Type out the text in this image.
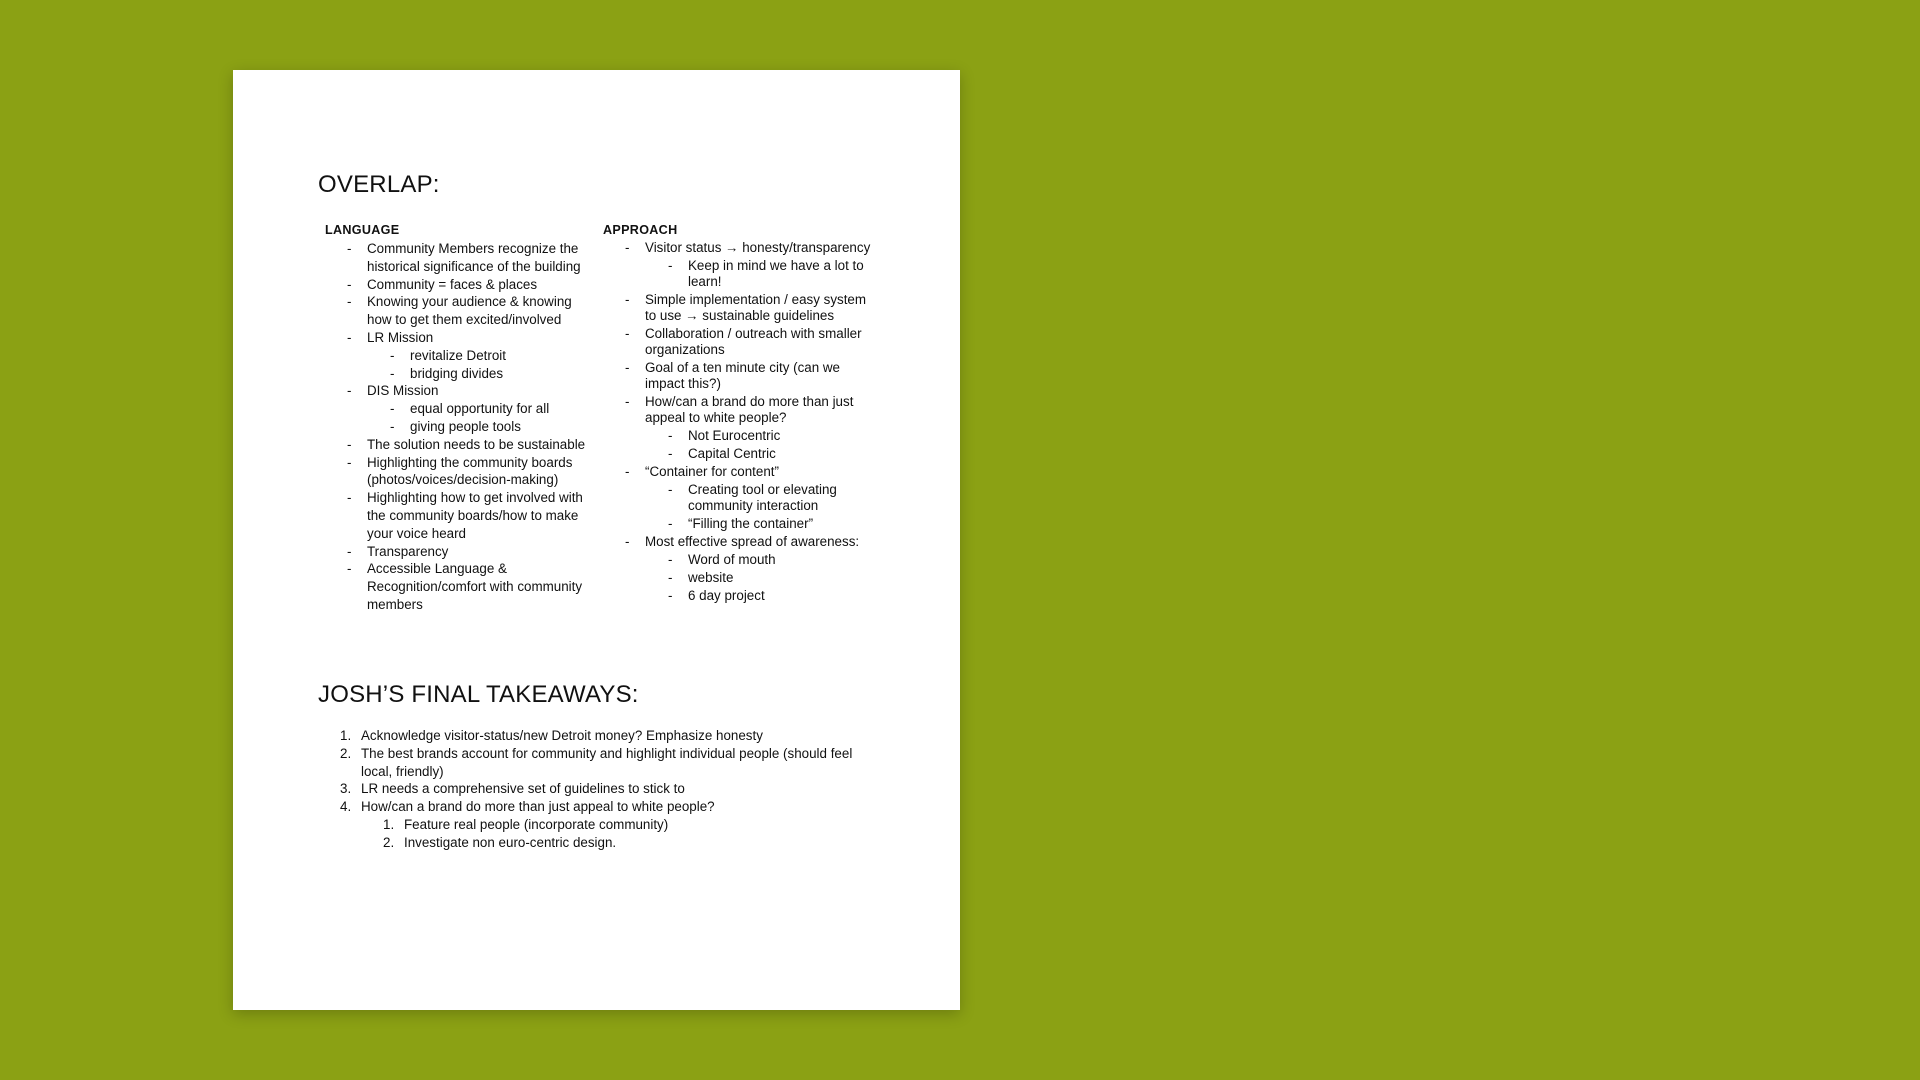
OVERLAP:
LANGUAGE
- Community Members recognize the historical significance of the building
- Community = faces & places
- Knowing your audience & knowing how to get them excited/involved
- LR Mission
- revitalize Detroit
- bridging divides
- DIS Mission
- equal opportunity for all
- giving people tools
- The solution needs to be sustainable
- Highlighting the community boards (photos/voices/decision-making)
- Highlighting how to get involved with the community boards/how to make your voice heard
- Transparency
- Accessible Language & Recognition/comfort with community members
APPROACH
- Visitor status → honesty/transparency
- Keep in mind we have a lot to learn!
- Simple implementation / easy system to use → sustainable guidelines
- Collaboration / outreach with smaller organizations
- Goal of a ten minute city (can we impact this?)
- How/can a brand do more than just appeal to white people?
- Not Eurocentric
- Capital Centric
- “Container for content”
- Creating tool or elevating community interaction
- “Filling the container”
- Most effective spread of awareness:
- Word of mouth
- website
- 6 day project
JOSH’S FINAL TAKEAWAYS:
1. Acknowledge visitor-status/new Detroit money? Emphasize honesty
2. The best brands account for community and highlight individual people (should feel local, friendly)
3. LR needs a comprehensive set of guidelines to stick to
4. How/can a brand do more than just appeal to white people?
1. Feature real people (incorporate community)
2. Investigate non euro-centric design.
